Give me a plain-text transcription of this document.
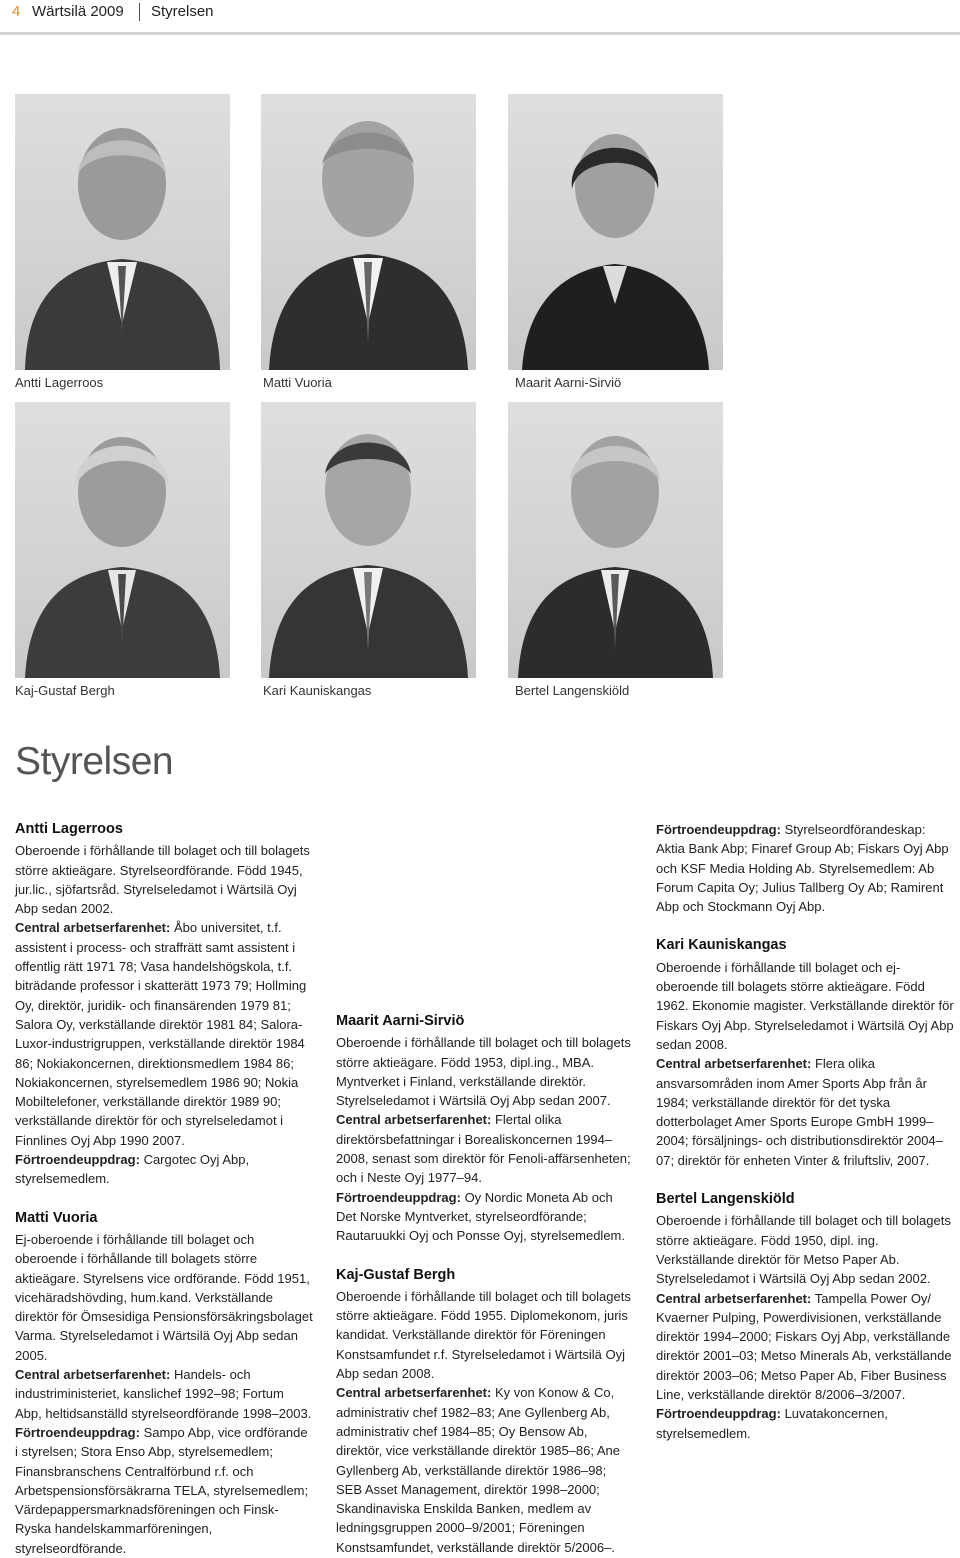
4 Wärtsilä 2009 Styrelsen
Antti Lagerroos	Matti Vuoria	Maarit Aarni-Sirviö
Kaj-Gustaf Bergh	Kari Kauniskangas	Bertel Langenskiöld
Styrelsen

Antti Lagerroos

Oberoende i förhållande till bolaget och till bolagets större aktieägare. Styrelseordförande. Född 1945, jur.lic., sjöfartsråd. Styrelseledamot i Wärtsilä Oyj Abp sedan 2002.

Central arbetserfarenhet: Åbo universitet, t.f. assistent i process- och straffrätt samt assistent i offentlig rätt 1971 78; Vasa handelshögskola, t.f. biträdande professor i skatterätt 1973 79; Hollming Oy, direktör, juridik- och finansärenden 1979 81; Salora Oy, verkställande direktör 1981 84; Salora-Luxor-industrigruppen, verkställande direktör 1984 86; Nokiakoncernen, direktionsmedlem 1984 86; Nokiakoncernen, styrelsemedlem 1986 90; Nokia Mobiltelefoner, verkställande direktör 1989 90; verkställande direktör för och styrelseledamot i Finnlines Oyj Abp 1990 2007.

Förtroendeuppdrag: Cargotec Oyj Abp, styrelsemedlem.

Matti Vuoria

Ej-oberoende i förhållande till bolaget och oberoende i förhållande till bolagets större aktieägare. Styrelsens vice ordförande. Född 1951, vicehäradshövding, hum.kand. Verkställande direktör för Ömsesidiga Pensionsförsäkringsbolaget Varma. Styrelseledamot i Wärtsilä Oyj Abp sedan 2005.

Central arbetserfarenhet: Handels- och industriministeriet, kanslichef 1992–98; Fortum Abp, heltidsanställd styrelseordförande 1998–2003.

Förtroendeuppdrag: Sampo Abp, vice ordförande i styrelsen; Stora Enso Abp, styrelsemedlem; Finansbranschens Centralförbund r.f. och Arbetspensionsförsäkrarna TELA, styrelsemedlem; Värdepappersmarknadsföreningen och Finsk-Ryska handelskammarföreningen, styrelseordförande.

Maarit Aarni-Sirviö

Oberoende i förhållande till bolaget och till bolagets större aktieägare. Född 1953, dipl.ing., MBA. Myntverket i Finland, verkställande direktör. Styrelseledamot i Wärtsilä Oyj Abp sedan 2007.

Central arbetserfarenhet: Flertal olika direktörsbefattningar i Borealiskoncernen 1994–2008, senast som direktör för Fenoli-affärsenheten; och i Neste Oyj 1977–94.

Förtroendeuppdrag: Oy Nordic Moneta Ab och Det Norske Myntverket, styrelseordförande; Rautaruukki Oyj och Ponsse Oyj, styrelsemedlem.

Kaj-Gustaf Bergh

Oberoende i förhållande till bolaget och till bolagets större aktieägare. Född 1955. Diplomekonom, juris kandidat. Verkställande direktör för Föreningen Konstsamfundet r.f. Styrelseledamot i Wärtsilä Oyj Abp sedan 2008.

Central arbetserfarenhet: Ky von Konow & Co, administrativ chef 1982–83; Ane Gyllenberg Ab, administrativ chef 1984–85; Oy Bensow Ab, direktör, vice verkställande direktör 1985–86; Ane Gyllenberg Ab, verkställande direktör 1986–98; SEB Asset Management, direktör 1998–2000; Skandinaviska Enskilda Banken, medlem av ledningsgruppen 2000–9/2001; Föreningen Konstsamfundet, verkställande direktör 5/2006–.

Förtroendeuppdrag: Styrelseordförandeskap: Aktia Bank Abp; Finaref Group Ab; Fiskars Oyj Abp och KSF Media Holding Ab. Styrelsemedlem: Ab Forum Capita Oy; Julius Tallberg Oy Ab; Ramirent Abp och Stockmann Oyj Abp.

Kari Kauniskangas

Oberoende i förhållande till bolaget och ej-oberoende till bolagets större aktieägare. Född 1962. Ekonomie magister. Verkställande direktör för Fiskars Oyj Abp. Styrelseledamot i Wärtsilä Oyj Abp sedan 2008.

Central arbetserfarenhet: Flera olika ansvarsområden inom Amer Sports Abp från år 1984; verkställande direktör för det tyska dotterbolaget Amer Sports Europe GmbH 1999–2004; försäljnings- och distributionsdirektör 2004–07; direktör för enheten Vinter & friluftsliv, 2007.

Bertel Langenskiöld

Oberoende i förhållande till bolaget och till bolagets större aktieägare. Född 1950, dipl. ing. Verkställande direktör för Metso Paper Ab. Styrelseledamot i Wärtsilä Oyj Abp sedan 2002.

Central arbetserfarenhet: Tampella Power Oy/ Kvaerner Pulping, Powerdivisionen, verkställande direktör 1994–2000; Fiskars Oyj Abp, verkställande direktör 2001–03; Metso Minerals Ab, verkställande direktör 2003–06; Metso Paper Ab, Fiber Business Line, verkställande direktör 8/2006–3/2007.

Förtroendeuppdrag: Luvatakoncernen, styrelsemedlem.
